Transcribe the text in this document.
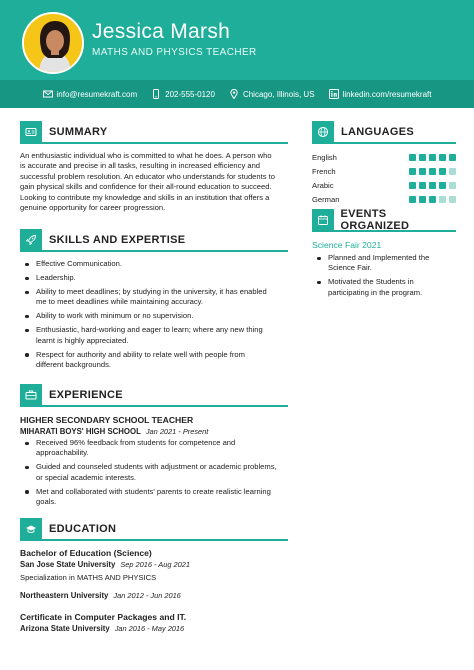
Jessica Marsh
MATHS AND PHYSICS TEACHER
info@resumekraft.com	202-555-0120	Chicago, Illinois, US	linkedin.com/resumekraft
SUMMARY
An enthusiastic individual who is committed to what he does. A person who
is accurate and precise in all tasks, resulting in increased efficiency and
successful problem resolution. An educator who understands for students to
gain physical skills and confidence for their all-round education to succeed.
Looking to contribute my knowledge and skills in an institution that offers a
genuine opportunity for career progression.
SKILLS AND EXPERTISE
Effective Communication.
Leadership.
Ability to meet deadlines; by studying in the university, it has enabled
me to meet deadlines while maintaining accuracy.
Ability to work with minimum or no supervision.
Enthusiastic, hard-working and eager to learn; where any new thing
learnt is highly appreciated.
Respect for authority and ability to relate well with people from
different backgrounds.
EXPERIENCE
HIGHER SECONDARY SCHOOL TEACHER
MIHARATI BOYS' HIGH SCHOOL Jan 2021 - Present
Received 96% feedback from students for competence and
approachability.
Guided and counseled students with adjustment or academic problems,
or special academic interests.
Met and collaborated with students' parents to create realistic learning
goals.
EDUCATION
Bachelor of Education (Science)
San Jose State University Sep 2016 - Aug 2021
Specialization in MATHS AND PHYSICS
Northeastern University Jan 2012 - Jun 2016
Certificate in Computer Packages and IT.
Arizona State University Jan 2016 - May 2016
LANGUAGES
English
French
Arabic
German
EVENTS ORGANIZED
Science Fair 2021
Planned and Implemented the
Science Fair.
Motivated the Students in
participating in the program.
